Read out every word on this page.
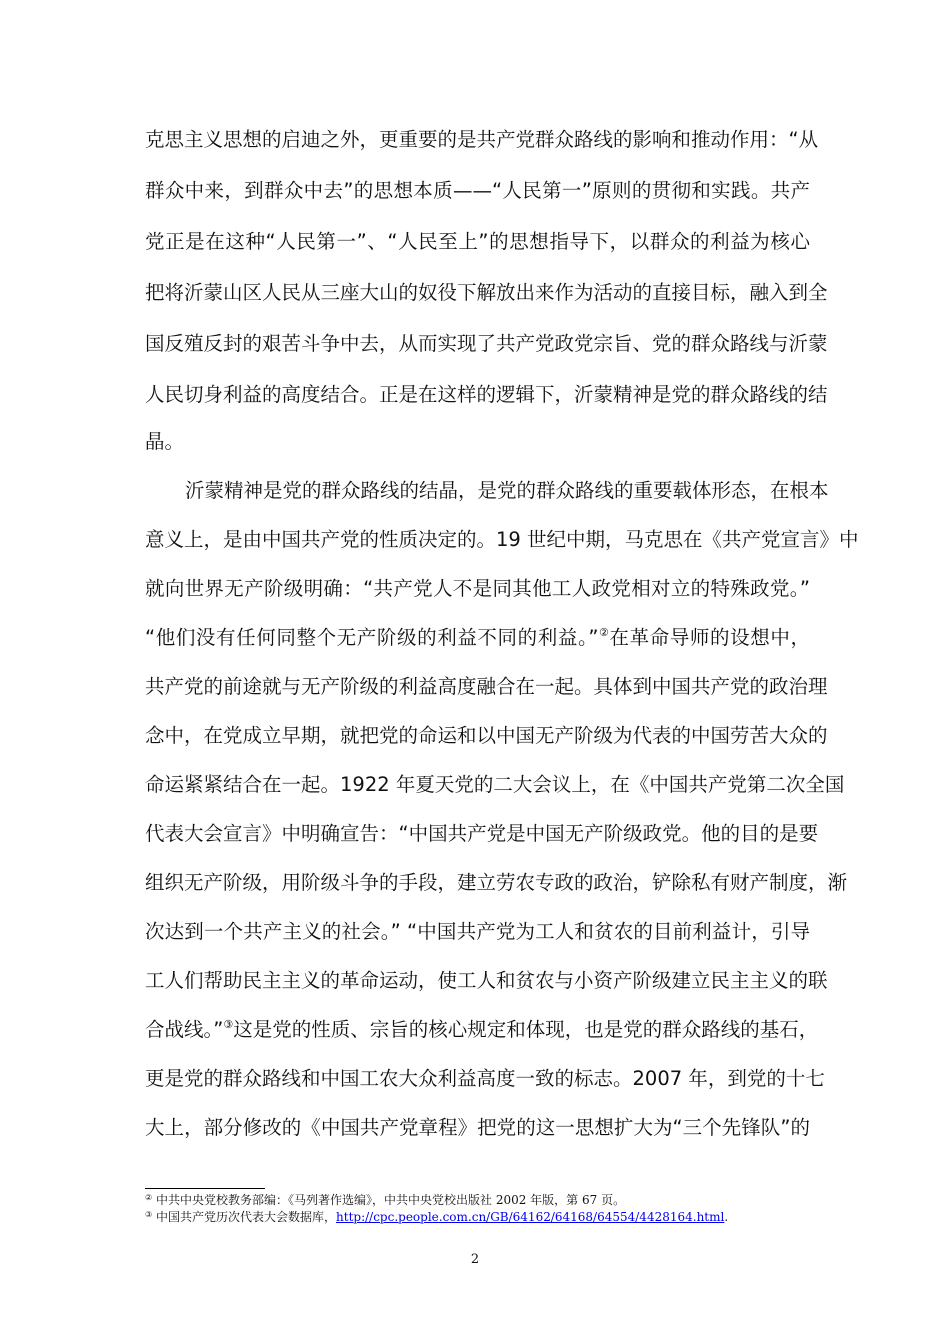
克思主义思想的启迪之外，更重要的是共产党群众路线的影响和推动作用：“从
群众中来，到群众中去”的思想本质——“人民第一”原则的贯彻和实践。共产
党正是在这种“人民第一”、“人民至上”的思想指导下，以群众的利益为核心
把将沂蒙山区人民从三座大山的奴役下解放出来作为活动的直接目标，融入到全
国反殖反封的艰苦斗争中去，从而实现了共产党政党宗旨、党的群众路线与沂蒙
人民切身利益的高度结合。正是在这样的逻辑下，沂蒙精神是党的群众路线的结
晶。
沂蒙精神是党的群众路线的结晶，是党的群众路线的重要载体形态，在根本
意义上，是由中国共产党的性质决定的。19 世纪中期，马克思在《共产党宣言》中
就向世界无产阶级明确：“共产党人不是同其他工人政党相对立的特殊政党。”
“他们没有任何同整个无产阶级的利益不同的利益。”②在革命导师的设想中，
共产党的前途就与无产阶级的利益高度融合在一起。具体到中国共产党的政治理
念中，在党成立早期，就把党的命运和以中国无产阶级为代表的中国劳苦大众的
命运紧紧结合在一起。1922 年夏天党的二大会议上，在《中国共产党第二次全国
代表大会宣言》中明确宣告：“中国共产党是中国无产阶级政党。他的目的是要
组织无产阶级，用阶级斗争的手段，建立劳农专政的政治，铲除私有财产制度，渐
次达到一个共产主义的社会。” “中国共产党为工人和贫农的目前利益计，引导
工人们帮助民主主义的革命运动，使工人和贫农与小资产阶级建立民主主义的联
合战线。”③这是党的性质、宗旨的核心规定和体现，也是党的群众路线的基石，
更是党的群众路线和中国工农大众利益高度一致的标志。2007 年，到党的十七
大上，部分修改的《中国共产党章程》把党的这一思想扩大为“三个先锋队”的
② 中共中央党校教务部编：《马列著作选编》，中共中央党校出版社 2002 年版，第 67 页。
③ 中国共产党历次代表大会数据库，http://cpc.people.com.cn/GB/64162/64168/64554/4428164.html.
2
